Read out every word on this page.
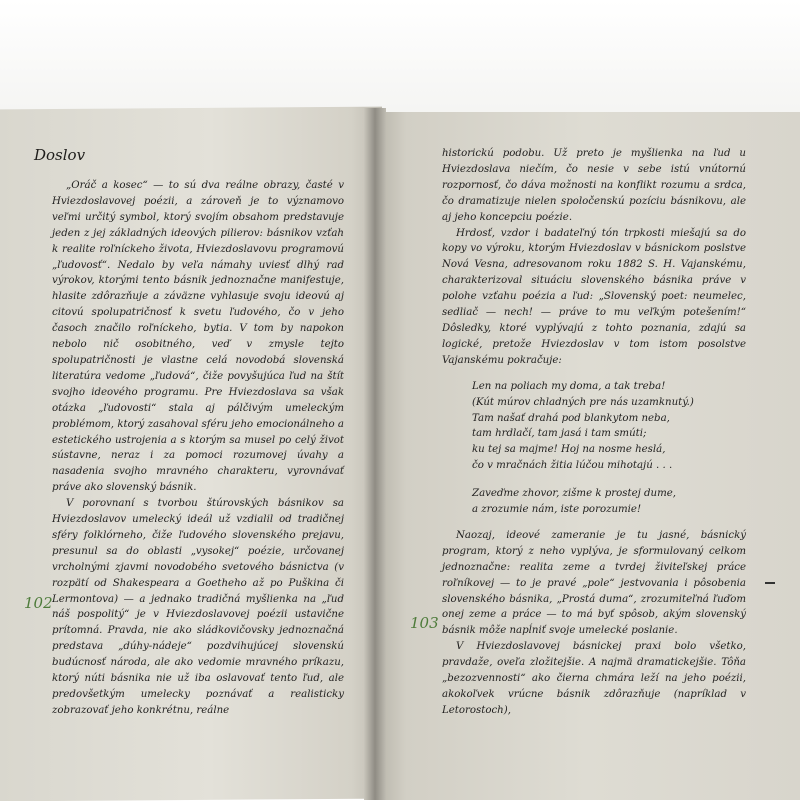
Doslov

„Oráč a kosec“ — to sú dva reálne obrazy, časté v Hviezdoslavovej poézii, a zároveň je to významovo veľmi určitý symbol, ktorý svojím obsahom predstavuje jeden z jej základných ideových pilierov: básnikov vzťah k realite roľníckeho života, Hviezdoslavovu programovú „ľudovosť“. Nedalo by veľa námahy uviesť dlhý rad výrokov, ktorými tento básnik jednoznačne manifestuje, hlasite zdôrazňuje a záväzne vyhlasuje svoju ideovú aj citovú spolupatričnosť k svetu ľudového, čo v jeho časoch značilo roľníckeho, bytia. V tom by napokon nebolo nič osobitného, veď v zmysle tejto spolupatričnosti je vlastne celá novodobá slovenská literatúra vedome „ľudová“, čiže povyšujúca ľud na štít svojho ideového programu. Pre Hviezdoslava sa však otázka „ľudovosti“ stala aj pálčivým umeleckým problémom, ktorý zasahoval sféru jeho emocionálneho a estetického ustrojenia a s ktorým sa musel po celý život sústavne, neraz i za pomoci rozumovej úvahy a nasadenia svojho mravného charakteru, vyrovnávať práve ako slovenský básnik.

V porovnaní s tvorbou štúrovských básnikov sa Hviezdoslavov umelecký ideál už vzdialil od tradičnej sféry folklórneho, čiže ľudového slovenského prejavu, presunul sa do oblasti „vysokej“ poézie, určovanej vrcholnými zjavmi novodobého svetového básnictva (v rozpätí od Shakespeara a Goetheho až po Puškina či Lermontova) — a jednako tradičná myšlienka na „ľud náš pospolitý“ je v Hviezdoslavovej poézii ustavične prítomná. Pravda, nie ako sládkovičovsky jednoznačná predstava „dúhy-nádeje“ pozdvihujúcej slovenskú budúcnosť národa, ale ako vedomie mravného príkazu, ktorý núti básnika nie už iba oslavovať tento ľud, ale predovšetkým umelecky poznávať a realisticky zobrazovať jeho konkrétnu, reálne

historickú podobu. Už preto je myšlienka na ľud u Hviezdoslava niečím, čo nesie v sebe istú vnútornú rozpornosť, čo dáva možnosti na konflikt rozumu a srdca, čo dramatizuje nielen spoločenskú pozíciu básnikovu, ale aj jeho koncepciu poézie.

Hrdosť, vzdor i badateľný tón trpkosti miešajú sa do kopy vo výroku, ktorým Hviezdoslav v básnickom poslstve Nová Vesna, adresovanom roku 1882 S. H. Vajanskému, charakterizoval situáciu slovenského básnika práve v polohe vzťahu poézia a ľud: „Slovenský poet: neumelec, sedliač — nech! — práve to mu veľkým potešením!“ Dôsledky, ktoré vyplývajú z tohto poznania, zdajú sa logické, pretože Hviezdoslav v tom istom posolstve Vajanskému pokračuje:

Len na poliach my doma, a tak treba!
(Kút múrov chladných pre nás uzamknutý.)
Tam našať drahá pod blankytom neba,
tam hrdlačí, tam jasá i tam smúti;
ku tej sa majme! Hoj na nosme heslá,
čo v mračnách žitia lúčou mihotajú . . .
Zaveďme zhovor, zišme k prostej dume,
a zrozumie nám, iste porozumie!

Naozaj, ideové zameranie je tu jasné, básnický program, ktorý z neho vyplýva, je sformulovaný celkom jednoznačne: realita zeme a tvrdej živiteľskej práce roľníkovej — to je pravé „pole“ jestvovania i pôsobenia slovenského básnika, „Prostá duma“, zrozumiteľná ľuďom onej zeme a práce — to má byť spôsob, akým slovenský básnik môže napĺniť svoje umelecké poslanie.

V Hviezdoslavovej básnickej praxi bolo všetko, pravdaže, oveľa zložitejšie. A najmä dramatickejšie. Tôňa „bezozvennosti“ ako čierna chmára leží na jeho poézii, akokoľvek vrúcne básnik zdôrazňuje (napríklad v Letorostoch),

102
103
